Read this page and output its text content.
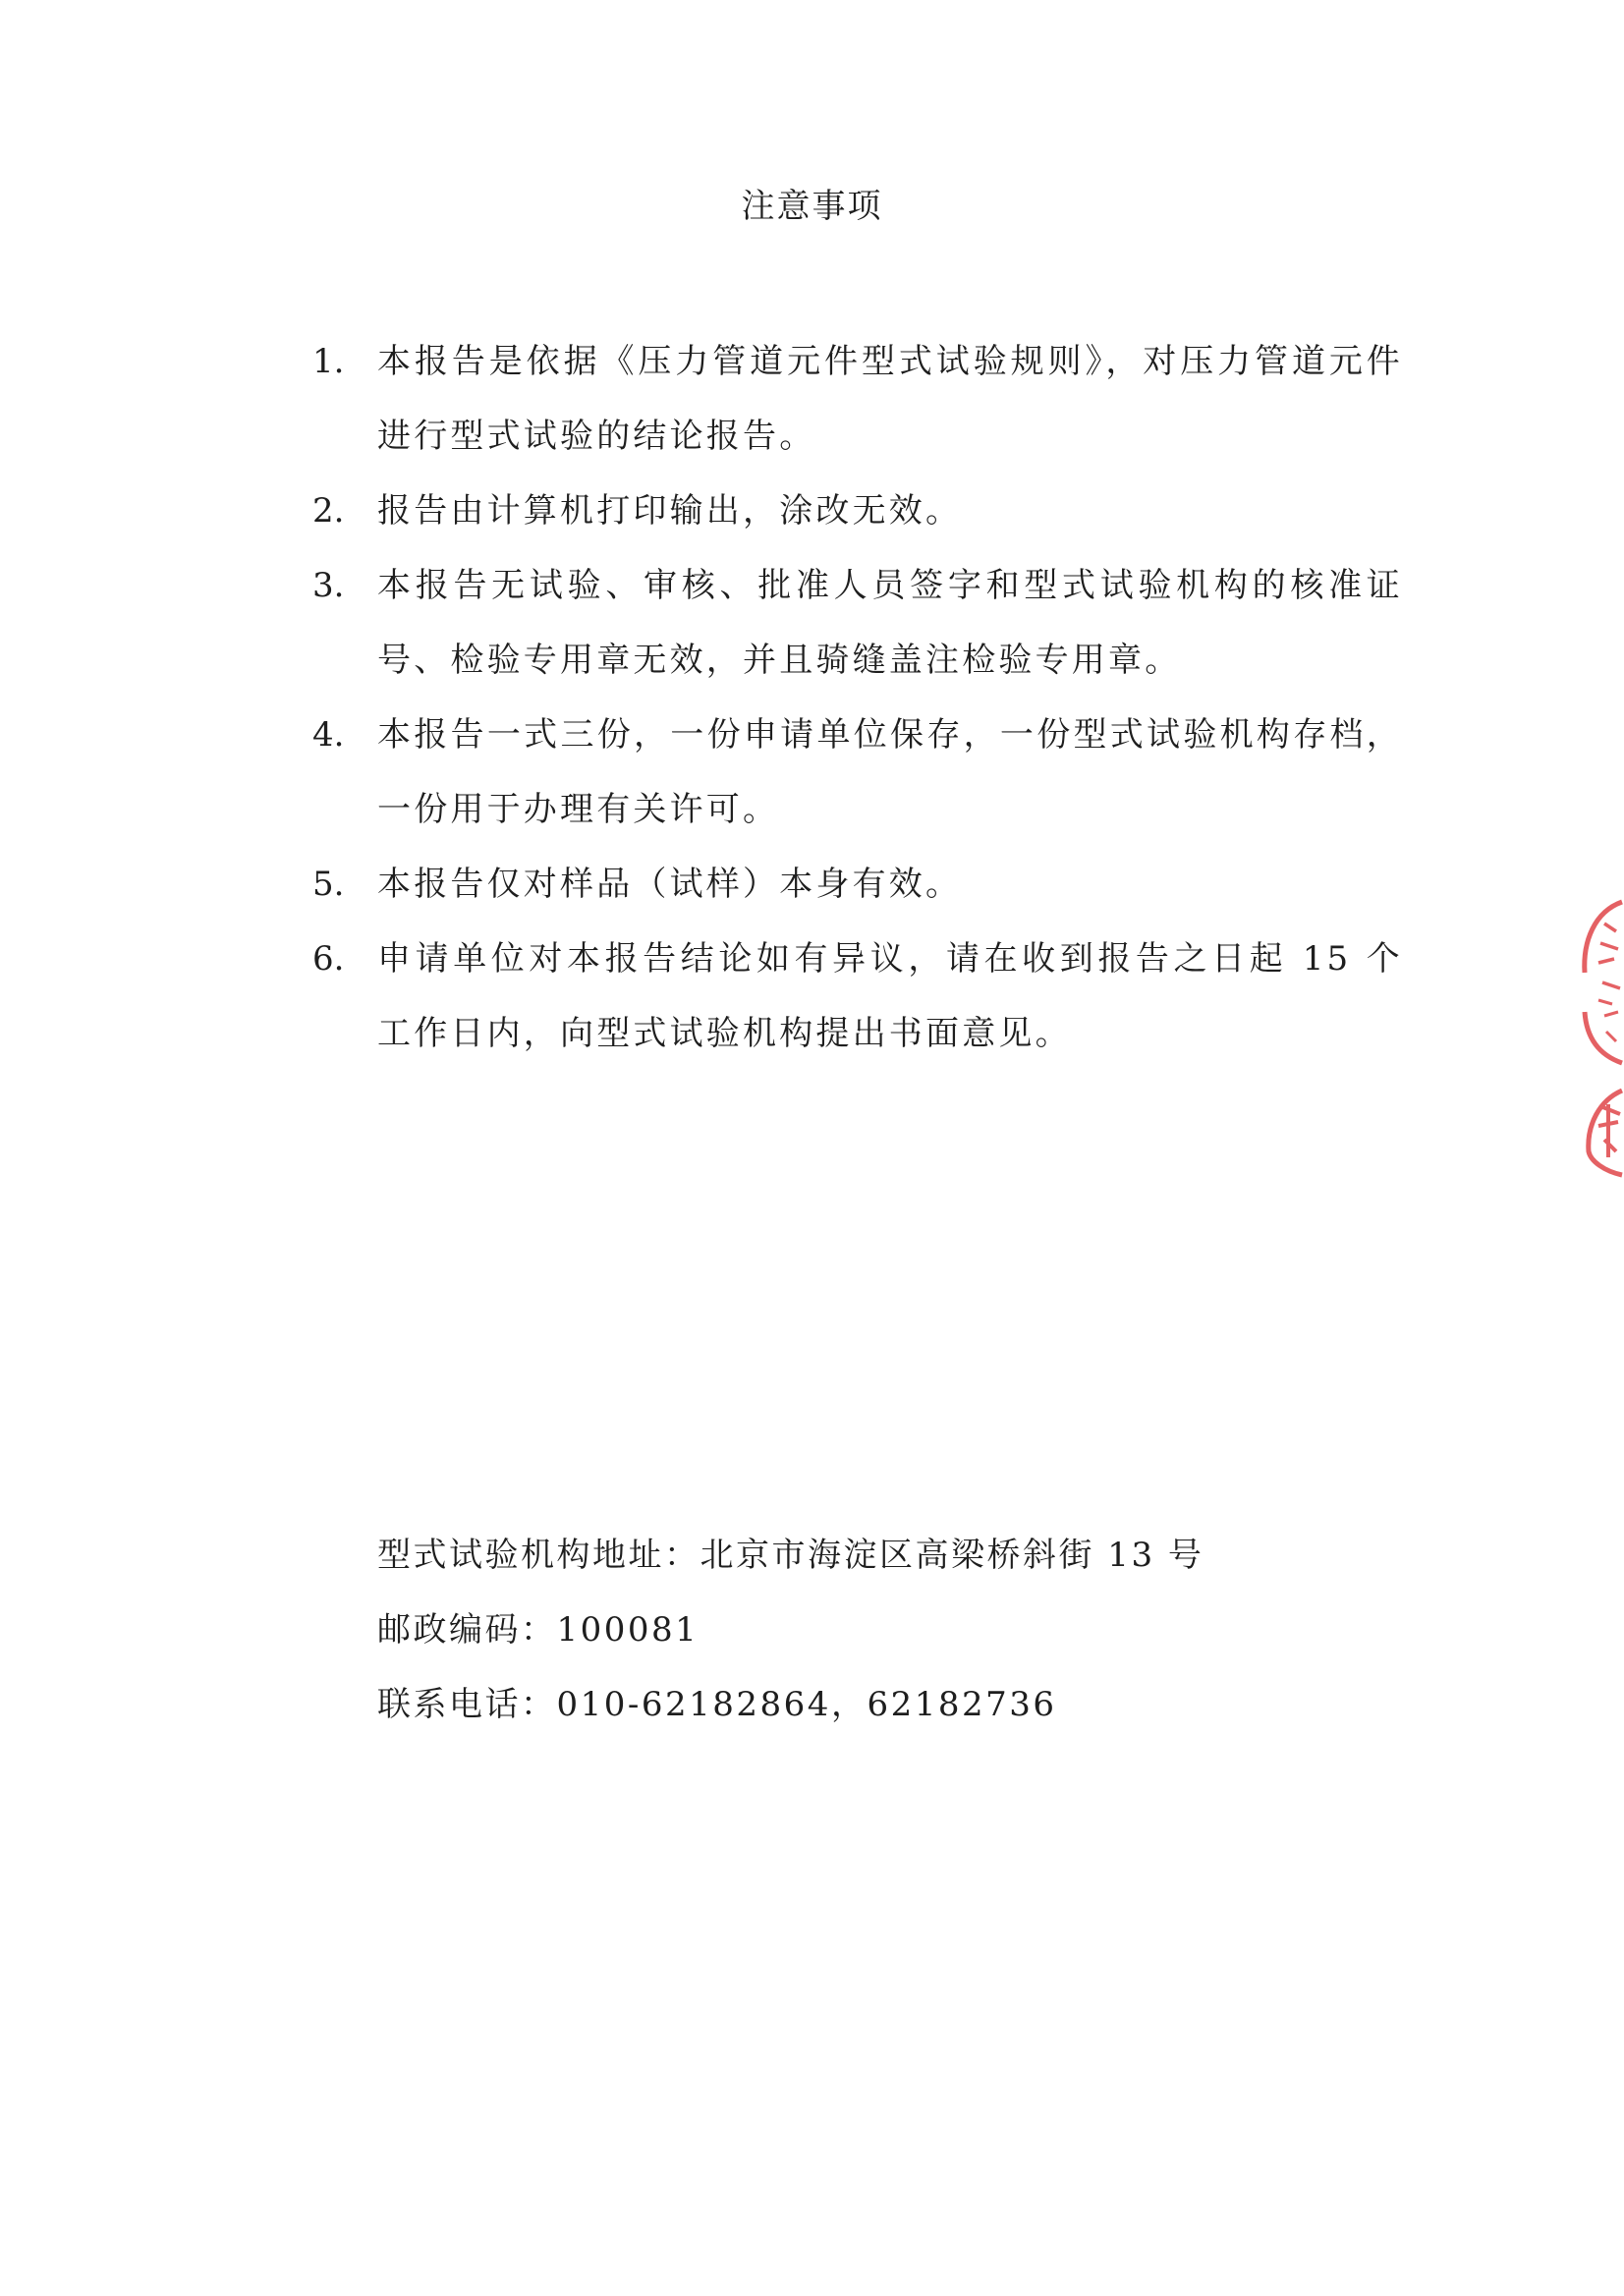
注意事项
1. 本报告是依据《压力管道元件型式试验规则》，对压力管道元件进行型式试验的结论报告。
2. 报告由计算机打印输出，涂改无效。
3. 本报告无试验、审核、批准人员签字和型式试验机构的核准证号、检验专用章无效，并且骑缝盖注检验专用章。
4. 本报告一式三份，一份申请单位保存，一份型式试验机构存档，一份用于办理有关许可。
5. 本报告仅对样品（试样）本身有效。
6. 申请单位对本报告结论如有异议，请在收到报告之日起 15 个工作日内，向型式试验机构提出书面意见。
型式试验机构地址：北京市海淀区高梁桥斜街 13 号
邮政编码：100081
联系电话：010-62182864，62182736
